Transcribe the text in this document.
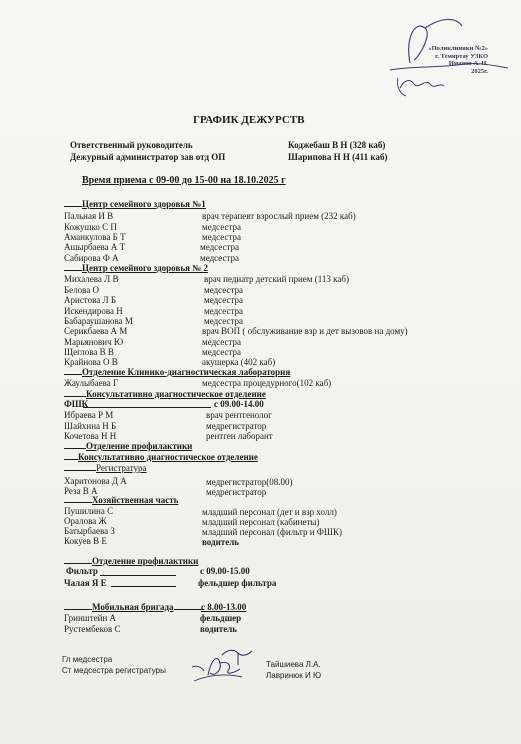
«Поликлиники №2»
г. Темиртау УЗКО
Иманов А. Н.
2025г.
ГРАФИК ДЕЖУРСТВ
Ответственный руководитель	Коджебаш В Н (328 каб)
Дежурный администратор зав отд ОП	Шарипова Н Н (411 каб)
Время приема с 09-00 до 15-00 на 18.10.2025 г
Центр семейного здоровья №1
Пальная И В	врач терапевт взрослый прием (232 каб)
Кожушко С П	медсестра
Аманкулова Б Т	медсестра
Ашырбаева А Т	медсестра
Сабирова Ф А	медсестра
Центр семейного здоровья № 2
Михалева Л В	врач педиатр детский прием (113 каб)
Белова О	медсестра
Аристова Л Б	медсестра
Искендирова Н	медсестра
Бабараушанова М	медсестра
Серикбаева А М	врач ВОП ( обслуживание взр и дет вызовов на дому)
Марьянович Ю	медсестра
Щеглова В В	медсестра
Крайнова О В	акушерка (402 каб)
Отделение Клинико-диагностическая лаборатория
Жаулыбаева Г	медсестра процедурного(102 каб)
Консультативно диагностическое отделение
ФШК	с 09.00-14.00
Ибраева Р М	врач рентгенолог
Шайхина Н Б	медрегистратор
Кочетова Н Н	рентген лаборант
Отделение профилактики
Консультативно диагностическое отделение
Регистратура
Харитонова Д А	медрегистратор(08.00)
Реза В А	медрегистратор
Хозяйственная часть
Пушилина С	младший персонал (дет и взр холл)
Оралова Ж	младший персонал (кабинеты)
Батырбаева З	младший персонал (фильтр и ФШК)
Кокуев В Е	водитель
Отделение профилактики
Фильтр	с 09.00-15.00
Чалая Я Е	фельдшер фильтра
Мобильная бригада	с 8.00-13.00
Гринштейн А	фельдшер
Рустембеков С	водитель
Гл медсестра
Ст медсестра регистратуры
Тайшиева Л.А.
Лавринюк И Ю
